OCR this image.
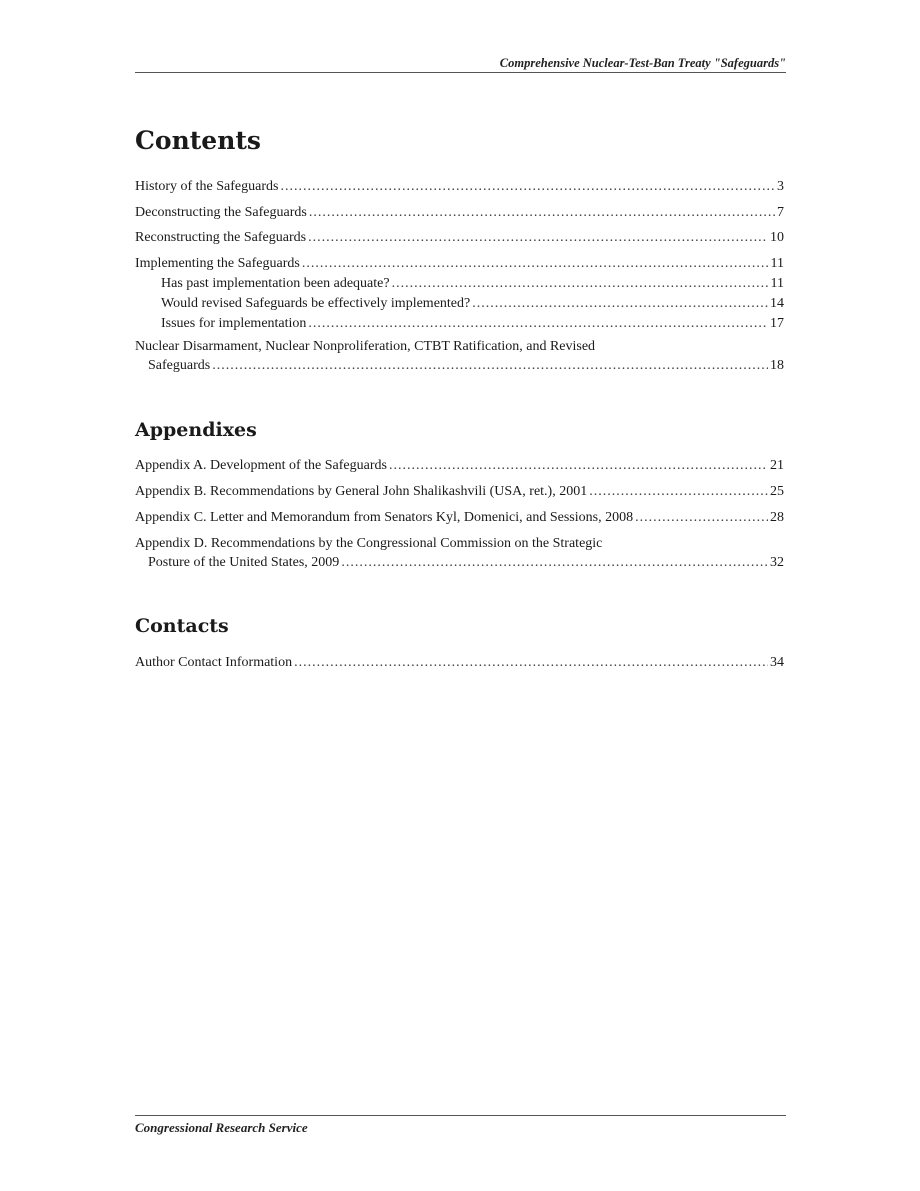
Comprehensive Nuclear-Test-Ban Treaty "Safeguards"
Contents
History of the Safeguards .....	3
Deconstructing the Safeguards .....	7
Reconstructing the Safeguards .....	10
Implementing the Safeguards .....	11
Has past implementation been adequate? .....	11
Would revised Safeguards be effectively implemented? .....	14
Issues for implementation .....	17
Nuclear Disarmament, Nuclear Nonproliferation, CTBT Ratification, and Revised
Safeguards .....	18
Appendixes
Appendix A. Development of the Safeguards .....	21
Appendix B. Recommendations by General John Shalikashvili (USA, ret.), 2001 .....	25
Appendix C. Letter and Memorandum from Senators Kyl, Domenici, and Sessions, 2008 .....	28
Appendix D. Recommendations by the Congressional Commission on the Strategic
Posture of the United States, 2009 .....	32
Contacts
Author Contact Information .....	34
Congressional Research Service
